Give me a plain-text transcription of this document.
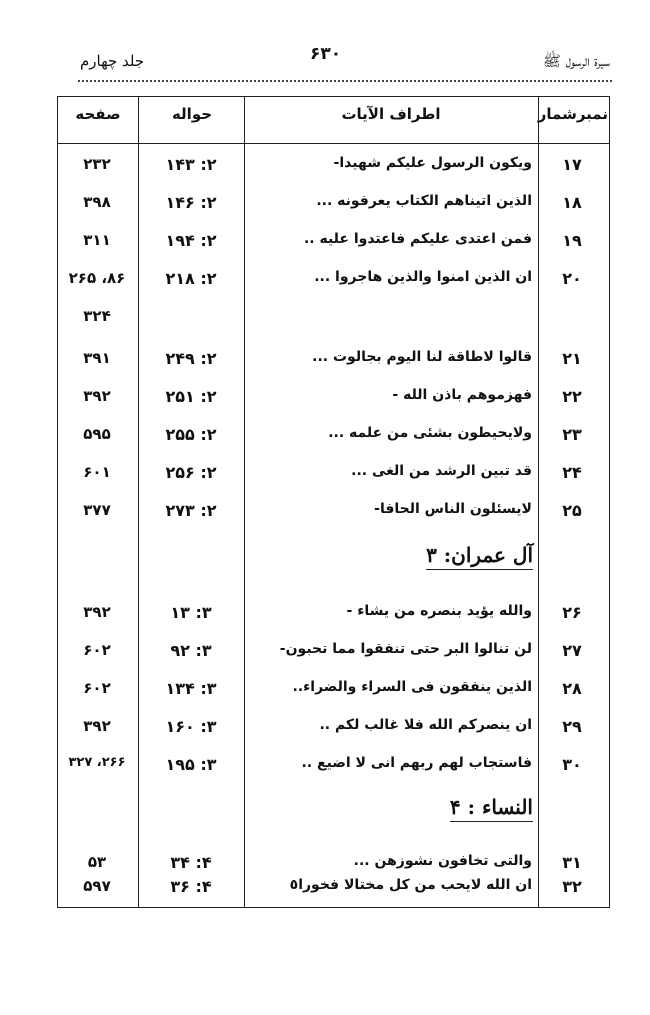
جلد چهارم	۶۳۰	سیرۃ الرسول ﷺ
نمبرشمار
اطراف الآيات
حواله
صفحه
۱۷
ويكون الرسول عليكم شهيدا-
۲: ۱۴۳
۲۳۲
۱۸
الذين اتيناهم الكتاب يعرفونه ...
۲: ۱۴۶
۳۹۸
۱۹
فمن اعتدى عليكم فاعتدوا عليه ..
۲: ۱۹۴
۳۱۱
۲۰
ان الذين امنوا والذين هاجروا ...
۲: ۲۱۸
۸۶، ۲۶۵
۳۲۴
۲۱
قالوا لاطاقة لنا اليوم بجالوت ...
۲: ۲۴۹
۳۹۱
۲۲
فهزموهم باذن الله -
۲: ۲۵۱
۳۹۲
۲۳
ولايحيطون بشئى من علمه ...
۲: ۲۵۵
۵۹۵
۲۴
قد تبين الرشد من الغى ...
۲: ۲۵۶
۶۰۱
۲۵
لايسئلون الناس الحافا-
۲: ۲۷۳
۳۷۷
آل عمران: ۳
۲۶
والله يؤيد بنصره من يشاء -
۳: ۱۳
۳۹۲
۲۷
لن تنالوا البر حتى تنفقوا مما تحبون-
۳: ۹۲
۶۰۲
۲۸
الذين ينفقون فى السراء والضراء..
۳: ۱۳۴
۶۰۲
۲۹
ان ينصركم الله فلا غالب لكم ..
۳: ۱۶۰
۳۹۲
۳۰
فاستجاب لهم ربهم انى لا اضيع ..
۳: ۱۹۵
۲۶۶، ۳۲۷
النساء : ۴
۳۱
والتى تخافون نشوزهن ...
۴: ۳۴
۵۳
۳۲
ان الله لايحب من كل مختالا فخورا٥
۴: ۳۶
۵۹۷
